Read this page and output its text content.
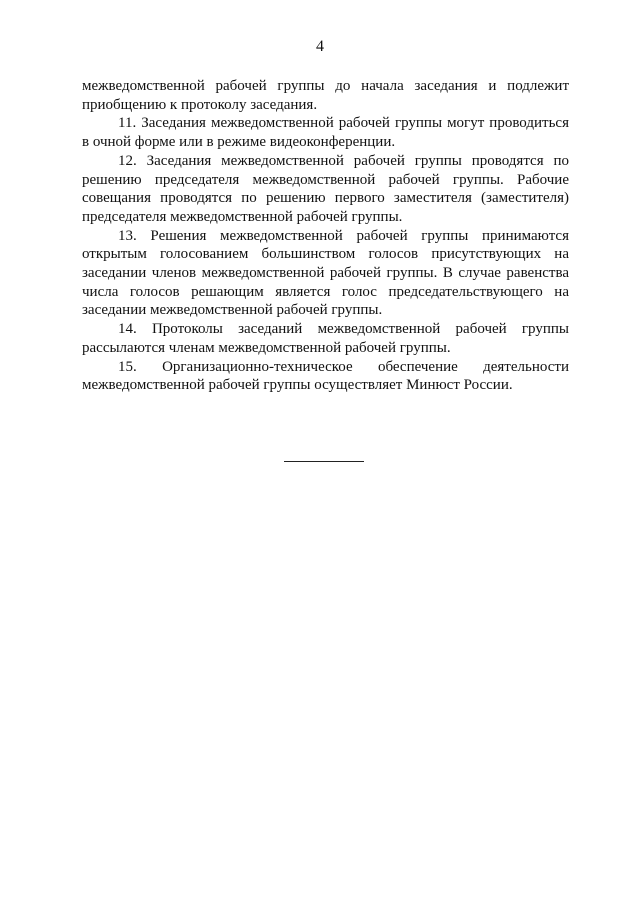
4

межведомственной рабочей группы до начала заседания и подлежит приобщению к протоколу заседания.

11. Заседания межведомственной рабочей группы могут проводиться в очной форме или в режиме видеоконференции.

12. Заседания межведомственной рабочей группы проводятся по решению председателя межведомственной рабочей группы. Рабочие совещания проводятся по решению первого заместителя (заместителя) председателя межведомственной рабочей группы.

13. Решения межведомственной рабочей группы принимаются открытым голосованием большинством голосов присутствующих на заседании членов межведомственной рабочей группы. В случае равенства числа голосов решающим является голос председательствующего на заседании межведомственной рабочей группы.

14. Протоколы заседаний межведомственной рабочей группы рассылаются членам межведомственной рабочей группы.

15. Организационно-техническое обеспечение деятельности межведомственной рабочей группы осуществляет Минюст России.
